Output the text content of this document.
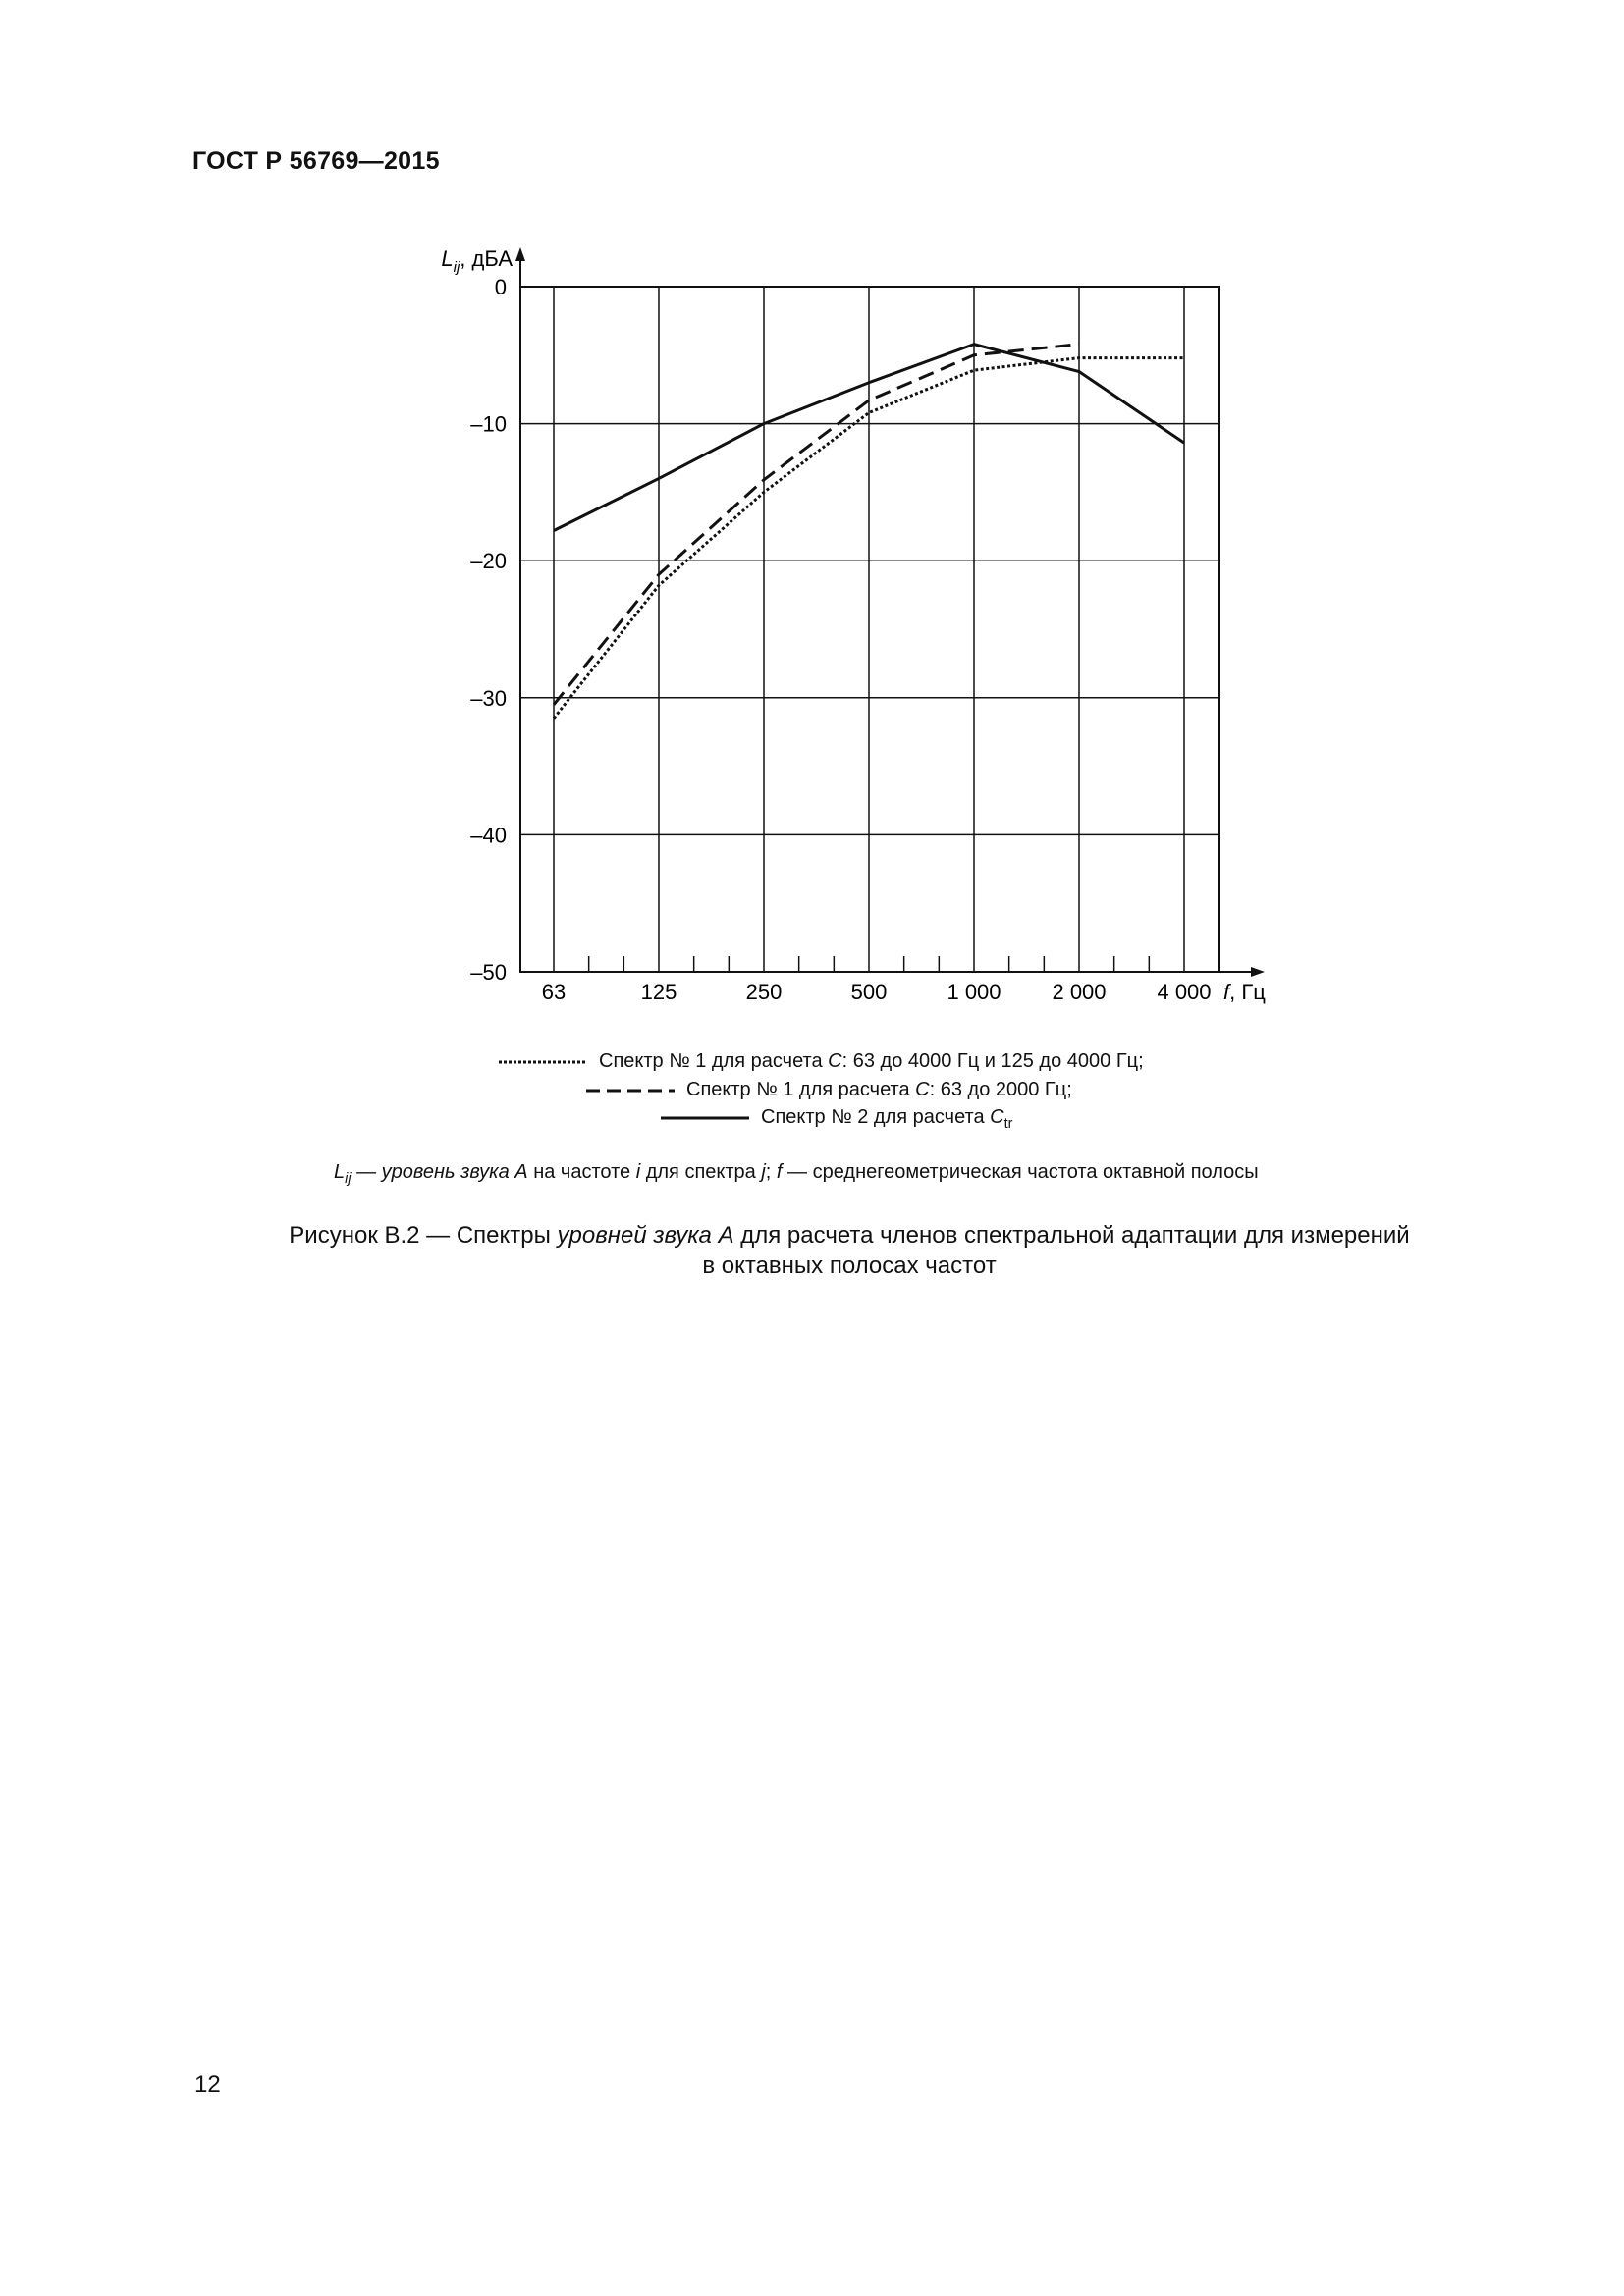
ГОСТ Р 56769—2015
0
–10
–20
–30
–40
–50
63	125	250	500	1 000 2 000 4 000
$L_{ij}$, дБА
f, Гц
Спектр № 1 для расчета C: 63 до 4000 Гц и 125 до 4000 Гц;
Спектр № 1 для расчета C: 63 до 2000 Гц;
Спектр № 2 для расчета $C_{tr}$
$L_{ij}$ — уровень звука А на частоте i для спектра j; f — среднегеометрическая частота октавной полосы
Рисунок В.2 — Спектры уровней звука А для расчета членов спектральной адаптации для измерений
в октавных полосах частот
12
